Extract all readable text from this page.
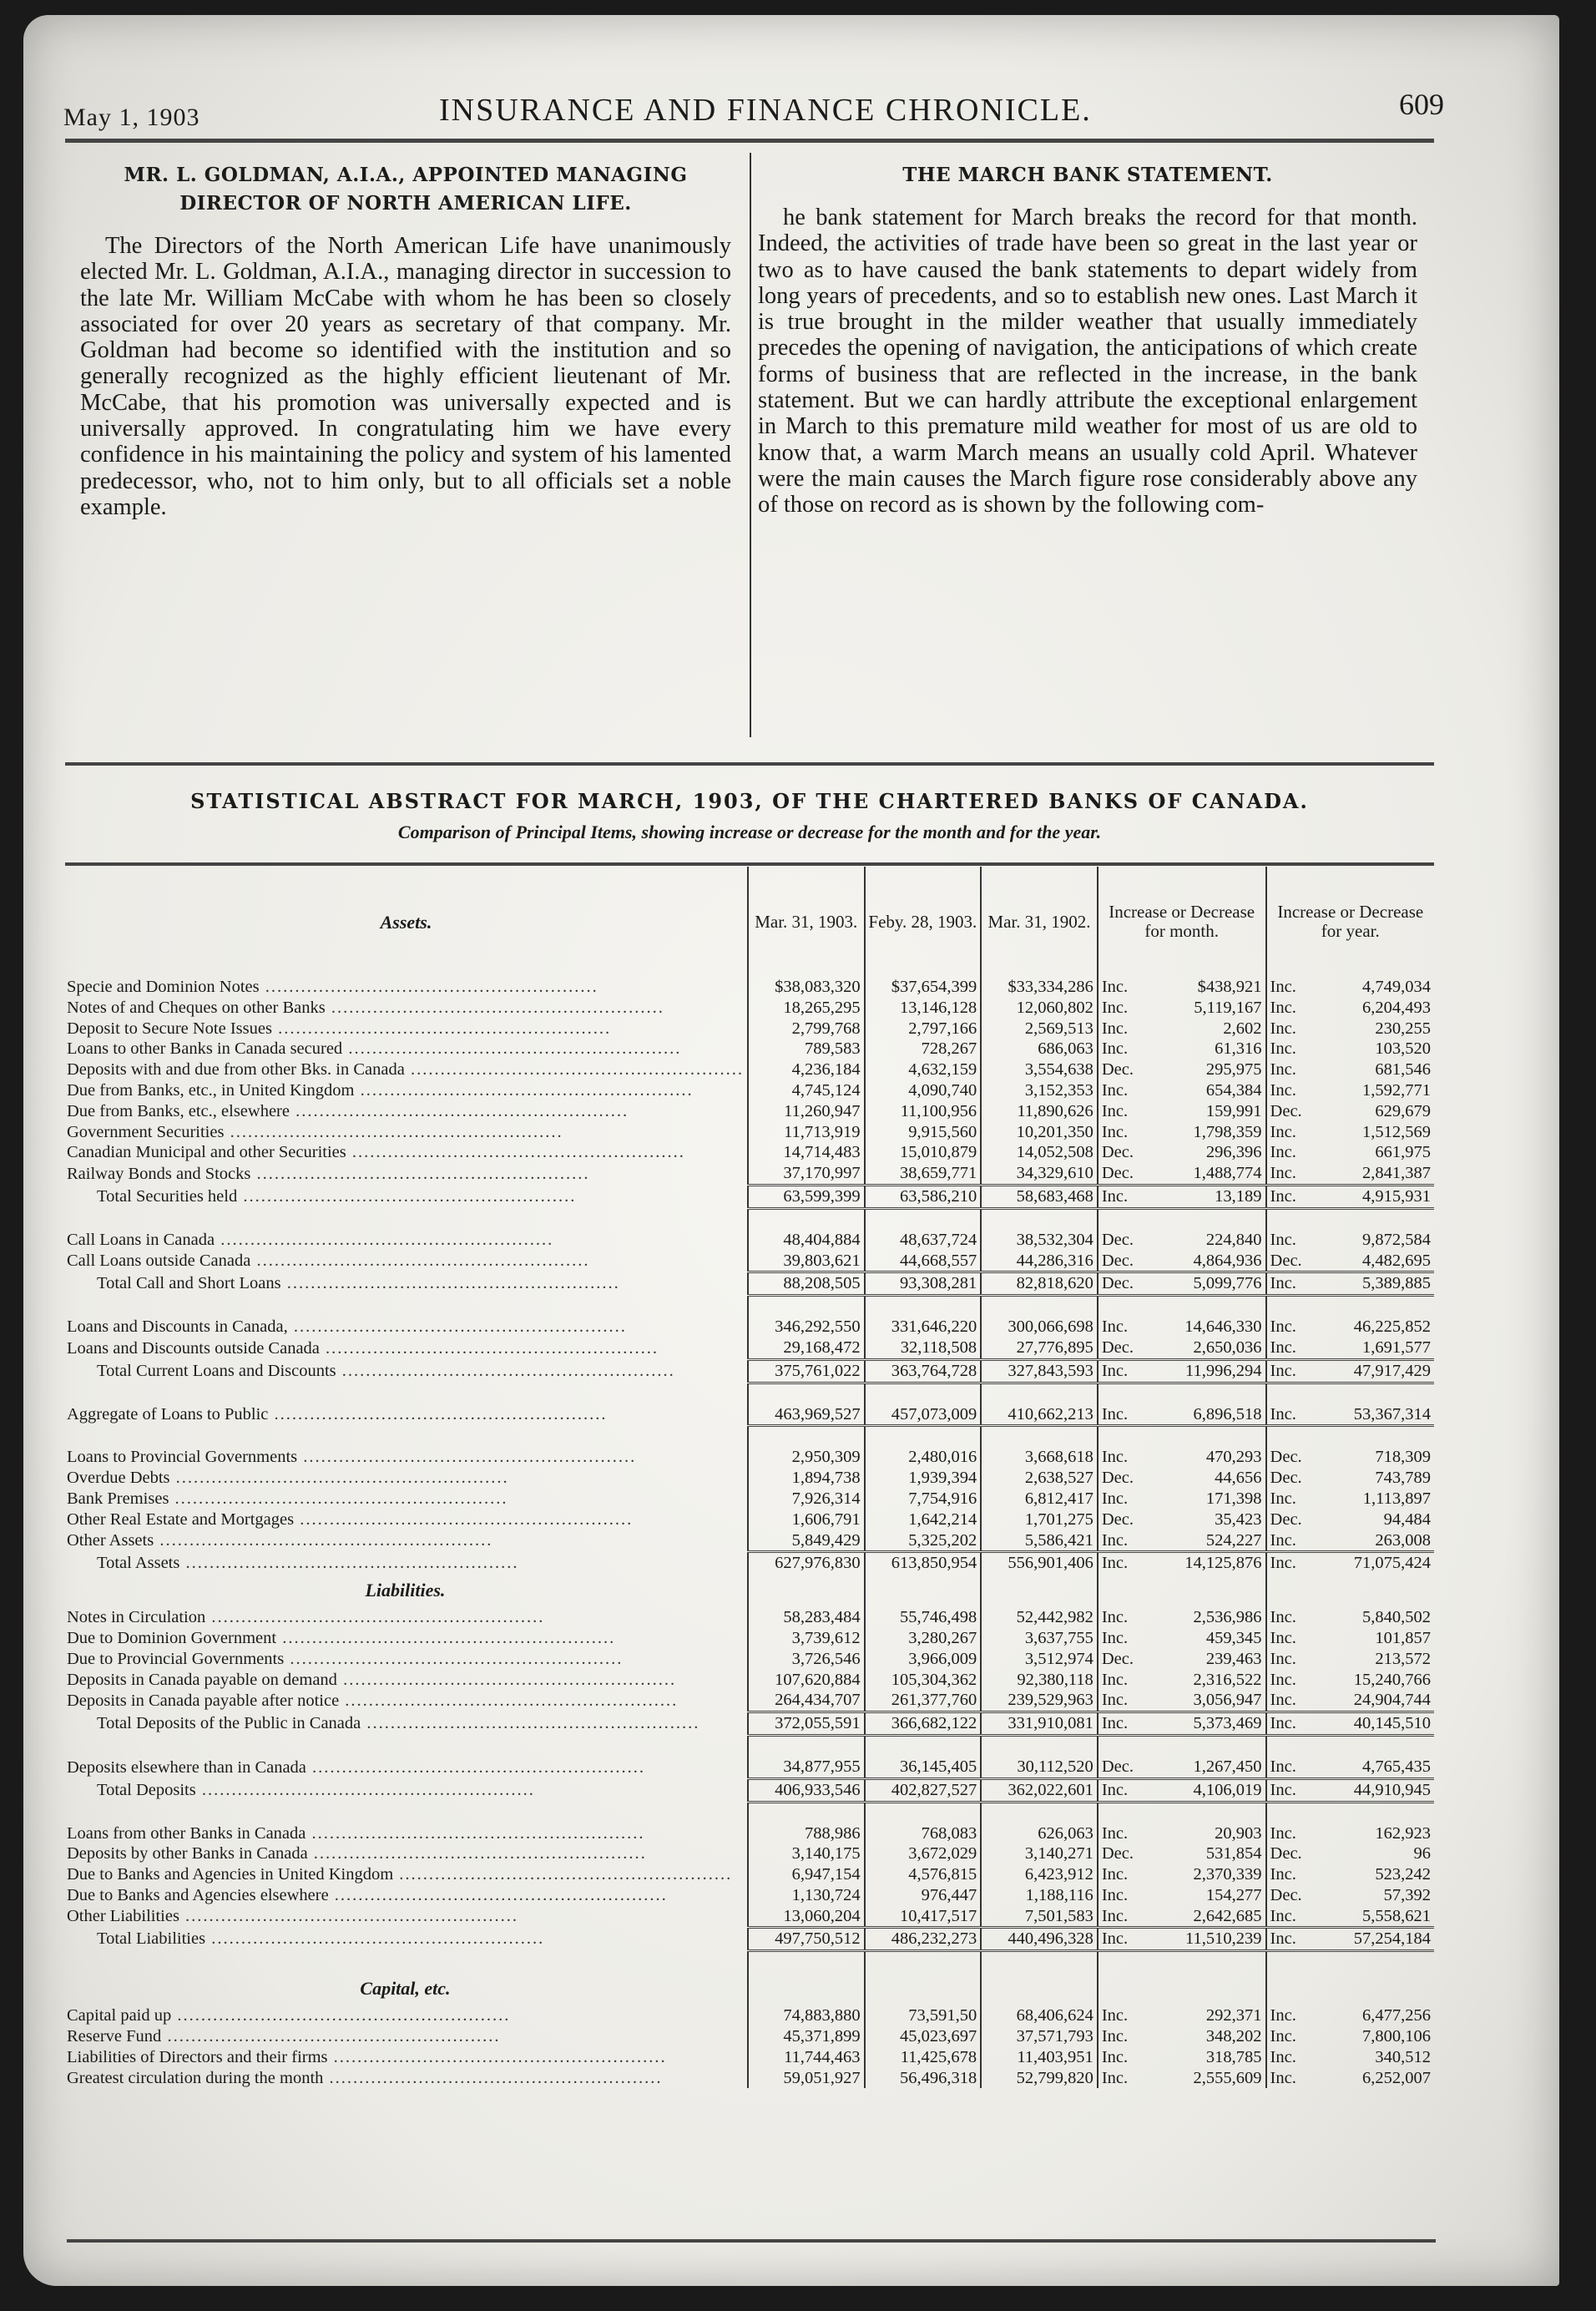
May 1, 1903	INSURANCE AND FINANCE CHRONICLE.	609
MR. L. GOLDMAN, A.I.A., APPOINTED MANAGING DIRECTOR OF NORTH AMERICAN LIFE.

The Directors of the North American Life have unanimously elected Mr. L. Goldman, A.I.A., managing director in succession to the late Mr. William McCabe with whom he has been so closely associated for over 20 years as secretary of that company. Mr. Goldman had become so identified with the institution and so generally recognized as the highly efficient lieutenant of Mr. McCabe, that his promotion was universally expected and is universally approved. In congratulating him we have every confidence in his maintaining the policy and system of his lamented predecessor, who, not to him only, but to all officials set a noble example.

THE MARCH BANK STATEMENT.

he bank statement for March breaks the record for that month. Indeed, the activities of trade have been so great in the last year or two as to have caused the bank statements to depart widely from long years of precedents, and so to establish new ones. Last March it is true brought in the milder weather that usually immediately precedes the opening of navigation, the anticipations of which create forms of business that are reflected in the increase, in the bank statement. But we can hardly attribute the exceptional enlargement in March to this premature mild weather for most of us are old to know that, a warm March means an usually cold April. Whatever were the main causes the March figure rose considerably above any of those on record as is shown by the following com-

STATISTICAL ABSTRACT FOR MARCH, 1903, OF THE CHARTERED BANKS OF CANADA.
Comparison of Principal Items, showing increase or decrease for the month and for the year.
Assets.	Mar. 31, 1903.	Feby. 28, 1903.	Mar. 31, 1902.	Increase or Decrease for month.		Increase or Decrease for year.	
Specie and Dominion Notes ........................................................	$38,083,320	$37,654,399	$33,334,286	Inc.	$438,921	Inc.	4,749,034
Notes of and Cheques on other Banks ........................................................	18,265,295	13,146,128	12,060,802	Inc.	5,119,167	Inc.	6,204,493
Deposit to Secure Note Issues ........................................................	2,799,768	2,797,166	2,569,513	Inc.	2,602	Inc.	230,255
Loans to other Banks in Canada secured ........................................................	789,583	728,267	686,063	Inc.	61,316	Inc.	103,520
Deposits with and due from other Bks. in Canada ........................................................	4,236,184	4,632,159	3,554,638	Dec.	295,975	Inc.	681,546
Due from Banks, etc., in United Kingdom ........................................................	4,745,124	4,090,740	3,152,353	Inc.	654,384	Inc.	1,592,771
Due from Banks, etc., elsewhere ........................................................	11,260,947	11,100,956	11,890,626	Inc.	159,991	Dec.	629,679
Government Securities ........................................................	11,713,919	9,915,560	10,201,350	Inc.	1,798,359	Inc.	1,512,569
Canadian Municipal and other Securities ........................................................	14,714,483	15,010,879	14,052,508	Dec.	296,396	Inc.	661,975
Railway Bonds and Stocks ........................................................	37,170,997	38,659,771	34,329,610	Dec.	1,488,774	Inc.	2,841,387
Total Securities held ........................................................	63,599,399	63,586,210	58,683,468	Inc.	13,189	Inc.	4,915,931

Call Loans in Canada ........................................................	48,404,884	48,637,724	38,532,304	Dec.	224,840	Inc.	9,872,584
Call Loans outside Canada ........................................................	39,803,621	44,668,557	44,286,316	Dec.	4,864,936	Dec.	4,482,695
Total Call and Short Loans ........................................................	88,208,505	93,308,281	82,818,620	Dec.	5,099,776	Inc.	5,389,885

Loans and Discounts in Canada, ........................................................	346,292,550	331,646,220	300,066,698	Inc.	14,646,330	Inc.	46,225,852
Loans and Discounts outside Canada ........................................................	29,168,472	32,118,508	27,776,895	Dec.	2,650,036	Inc.	1,691,577
Total Current Loans and Discounts ........................................................	375,761,022	363,764,728	327,843,593	Inc.	11,996,294	Inc.	47,917,429

Aggregate of Loans to Public ........................................................	463,969,527	457,073,009	410,662,213	Inc.	6,896,518	Inc.	53,367,314

Loans to Provincial Governments ........................................................	2,950,309	2,480,016	3,668,618	Inc.	470,293	Dec.	718,309
Overdue Debts ........................................................	1,894,738	1,939,394	2,638,527	Dec.	44,656	Dec.	743,789
Bank Premises ........................................................	7,926,314	7,754,916	6,812,417	Inc.	171,398	Inc.	1,113,897
Other Real Estate and Mortgages ........................................................	1,606,791	1,642,214	1,701,275	Dec.	35,423	Dec.	94,484
Other Assets ........................................................	5,849,429	5,325,202	5,586,421	Inc.	524,227	Inc.	263,008
Total Assets ........................................................	627,976,830	613,850,954	556,901,406	Inc.	14,125,876	Inc.	71,075,424
Liabilities.							
Notes in Circulation ........................................................	58,283,484	55,746,498	52,442,982	Inc.	2,536,986	Inc.	5,840,502
Due to Dominion Government ........................................................	3,739,612	3,280,267	3,637,755	Inc.	459,345	Inc.	101,857
Due to Provincial Governments ........................................................	3,726,546	3,966,009	3,512,974	Dec.	239,463	Inc.	213,572
Deposits in Canada payable on demand ........................................................	107,620,884	105,304,362	92,380,118	Inc.	2,316,522	Inc.	15,240,766
Deposits in Canada payable after notice ........................................................	264,434,707	261,377,760	239,529,963	Inc.	3,056,947	Inc.	24,904,744
Total Deposits of the Public in Canada ........................................................	372,055,591	366,682,122	331,910,081	Inc.	5,373,469	Inc.	40,145,510

Deposits elsewhere than in Canada ........................................................	34,877,955	36,145,405	30,112,520	Dec.	1,267,450	Inc.	4,765,435
Total Deposits ........................................................	406,933,546	402,827,527	362,022,601	Inc.	4,106,019	Inc.	44,910,945

Loans from other Banks in Canada ........................................................	788,986	768,083	626,063	Inc.	20,903	Inc.	162,923
Deposits by other Banks in Canada ........................................................	3,140,175	3,672,029	3,140,271	Dec.	531,854	Dec.	96
Due to Banks and Agencies in United Kingdom ........................................................	6,947,154	4,576,815	6,423,912	Inc.	2,370,339	Inc.	523,242
Due to Banks and Agencies elsewhere ........................................................	1,130,724	976,447	1,188,116	Inc.	154,277	Dec.	57,392
Other Liabilities ........................................................	13,060,204	10,417,517	7,501,583	Inc.	2,642,685	Inc.	5,558,621
Total Liabilities ........................................................	497,750,512	486,232,273	440,496,328	Inc.	11,510,239	Inc.	57,254,184

Capital, etc.							
Capital paid up ........................................................	74,883,880	73,591,50	68,406,624	Inc.	292,371	Inc.	6,477,256
Reserve Fund ........................................................	45,371,899	45,023,697	37,571,793	Inc.	348,202	Inc.	7,800,106
Liabilities of Directors and their firms ........................................................	11,744,463	11,425,678	11,403,951	Inc.	318,785	Inc.	340,512
Greatest circulation during the month ........................................................	59,051,927	56,496,318	52,799,820	Inc.	2,555,609	Inc.	6,252,007
